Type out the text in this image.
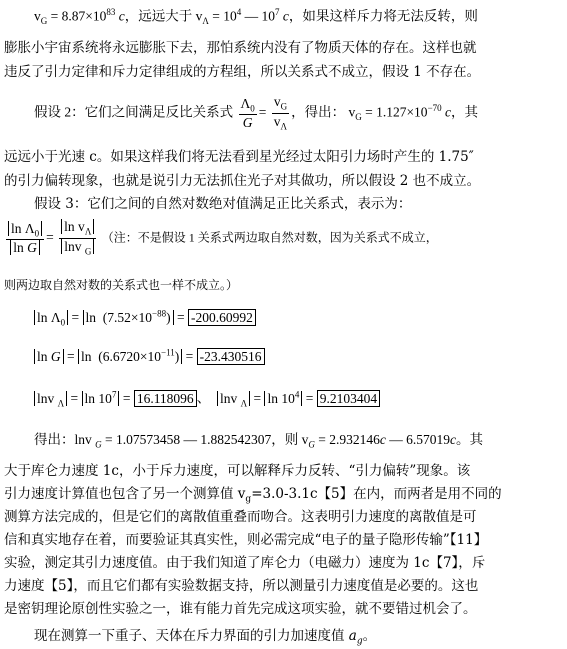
$v_G = 8.87\times 10^{83}$ c，远远大于 $v_\Lambda = 10^4$ — $10^7$ c，如果这样斥力将无法反转，则
膨胀小宇宙系统将永远膨胀下去，那怕系统内没有了物质天体的存在。这样也就
违反了引力定律和斥力定律组成的方程组，所以关系式不成立，假设 1 不存在。
假设 2：它们之间满足反比关系式 $\frac{\Lambda_0}{G} = \frac{v_G}{v_\Lambda}$ ，得出： $v_G = 1.127\times 10^{-70}$ c，其
远远小于光速 c。如果这样我们将无法看到星光经过太阳引力场时产生的 1.75″
的引力偏转现象，也就是说引力无法抓住光子对其做功，所以假设 2 也不成立。
假设 3：它们之间的自然对数绝对值满足正比关系式，表示为：
$\frac{\ln \Lambda_0}{\text{ln G}} = \frac{\ln v_\Lambda}{\ln v _G}$ （注：不是假设 1 关系式两边取自然对数，因为关系式不成立，
则两边取自然对数的关系式也一样不成立。）
$\ln \Lambda_0 = \ln (7.52\times 10^{-88}) = -200.60992$
$\ln G = \ln (6.6720\times 10^{-11}) = -23.430516$
lnv $_\Lambda = \ln 10^7 = 16.118096$ 、  lnv $_\Lambda = \ln 10^4 = 9.2103404$
得出：lnv $_G$ = 1.07573458 — 1.882542307，则 $v_G = 2.932146c$ — 6.57019c。其
大于库仑力速度 1c，小于斥力速度，可以解释斥力反转、“引力偏转”现象。该
引力速度计算值也包含了另一个测算值 $v_g=3.0-3.1c$【5】在内，而两者是用不同的
测算方法完成的，但是它们的离散值重叠而吻合。这表明引力速度的离散值是可
信和真实地存在着，而要验证其真实性，则必需完成“电子的量子隐形传输”【11】
实验，测定其引力速度值。由于我们知道了库仑力（电磁力）速度为 1c【7】，斥
力速度【5】，而且它们都有实验数据支持，所以测量引力速度值是必要的。这也
是密钥理论原创性实验之一，谁有能力首先完成这项实验，就不要错过机会了。
现在测算一下重子、天体在斥力界面的引力加速度值 $a_g$。
